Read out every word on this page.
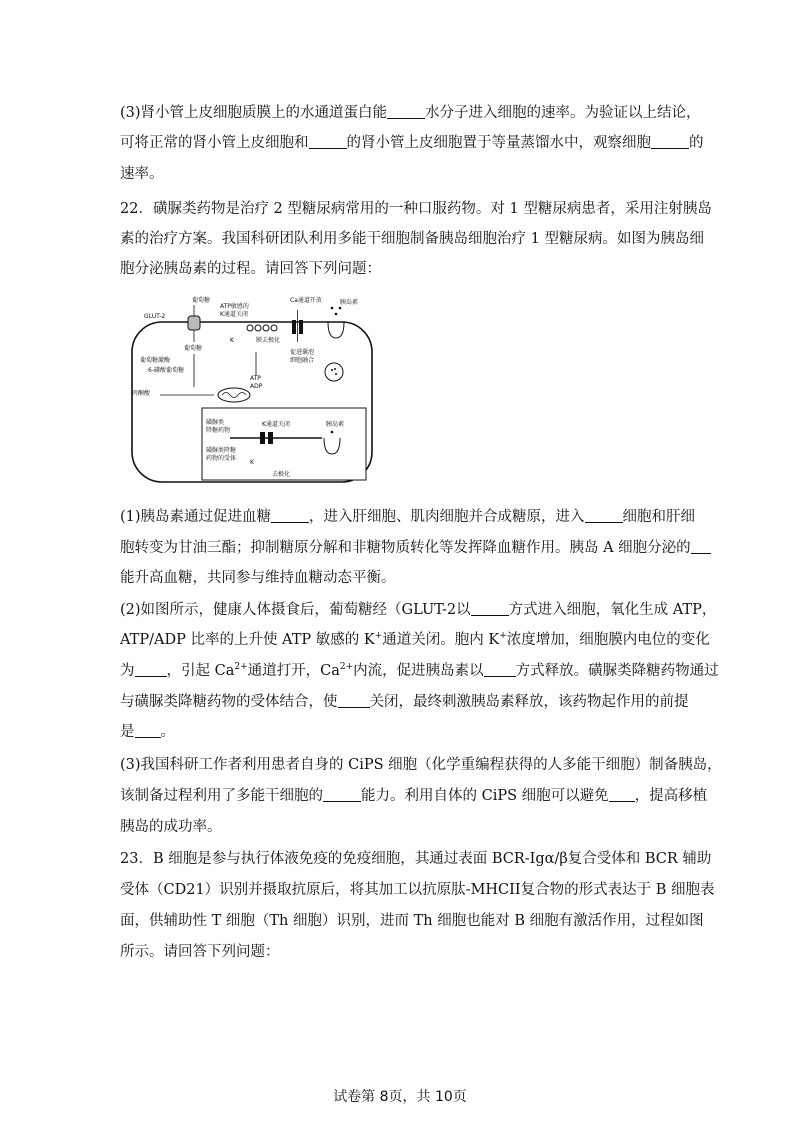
(3)肾小管上皮细胞质膜上的水通道蛋白能	水分子进入细胞的速率。为验证以上结论，
可将正常的肾小管上皮细胞和	的肾小管上皮细胞置于等量蒸馏水中，观察细胞	的
速率。
22．磺脲类药物是治疗 2 型糖尿病常用的一种口服药物。对 1 型糖尿病患者，采用注射胰岛
素的治疗方案。我国科研团队利用多能干细胞制备胰岛细胞治疗 1 型糖尿病。如图为胰岛细
胞分泌胰岛素的过程。请回答下列问题：
GLUT-2
葡萄糖
葡萄糖
葡萄糖激酶
6-磷酸葡萄糖
丙酮酸
ATP
ADP
ATP敏感的
K通道关闭
K	膜去极化
Ca通道开放
促进囊泡
细胞融合
胰岛素
磺脲类
降糖药物
K通道关闭	胰岛素
磺脲类降糖
药物的受体
K
去极化
(1)胰岛素通过促进血糖	，进入肝细胞、肌肉细胞并合成糖原，进入	细胞和肝细
胞转变为甘油三酯；抑制糖原分解和非糖物质转化等发挥降血糖作用。胰岛 A 细胞分泌的
能升高血糖，共同参与维持血糖动态平衡。
(2)如图所示，健康人体摄食后，葡萄糖经（GLUT-2以	方式进入细胞，氧化生成 ATP，
ATP/ADP 比率的上升使 ATP 敏感的 K+通道关闭。胞内 K+浓度增加，细胞膜内电位的变化
为 ，引起 $Ca^{2+}$通道打开，$Ca^{2+}$内流，促进胰岛素以 方式释放。磺脲类降糖药物通过
与磺脲类降糖药物的受体结合，使 关闭，最终刺激胰岛素释放，该药物起作用的前提
是 。
(3)我国科研工作者利用患者自身的 CiPS 细胞（化学重编程获得的人多能干细胞）制备胰岛，
该制备过程利用了多能干细胞的	能力。利用自体的 CiPS 细胞可以避免 ，提高移植
胰岛的成功率。
23．B 细胞是参与执行体液免疫的免疫细胞，其通过表面 BCR-Igα/β复合受体和 BCR 辅助
受体（CD21）识别并摄取抗原后，将其加工以抗原肽-MHCII复合物的形式表达于 B 细胞表
面，供辅助性 T 细胞（Th 细胞）识别，进而 Th 细胞也能对 B 细胞有激活作用，过程如图
所示。请回答下列问题：
试卷第 8页，共 10页
